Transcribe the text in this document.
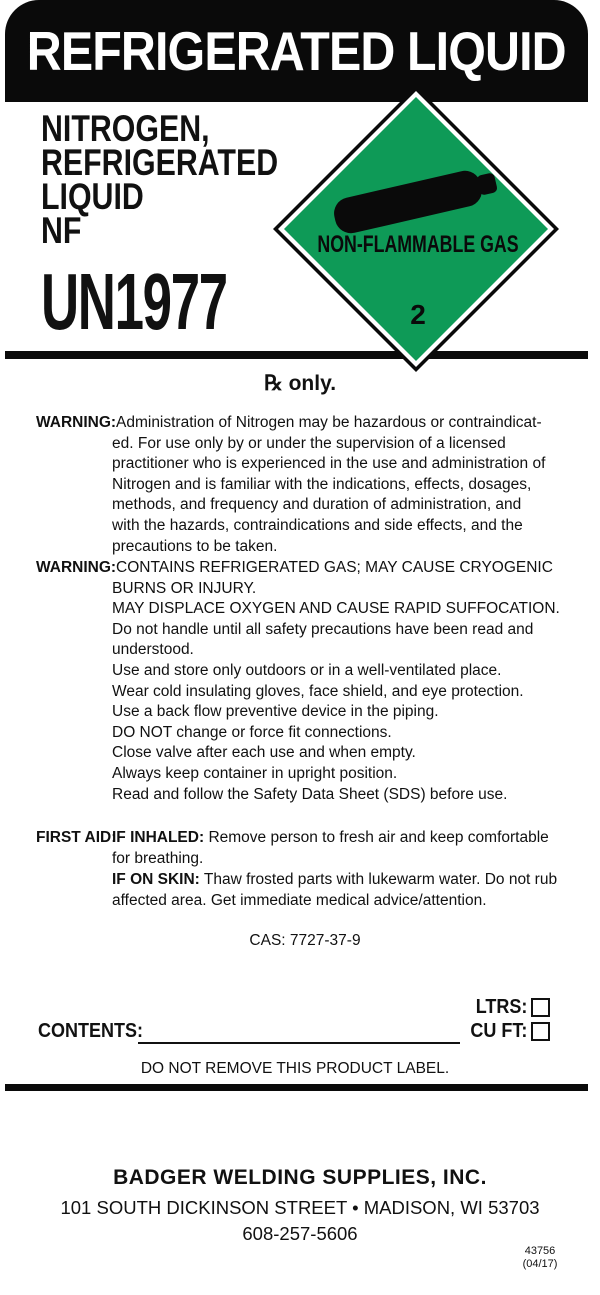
REFRIGERATED LIQUID
NITROGEN,
REFRIGERATED
LIQUID
NF
UN1977
NON-FLAMMABLE GAS
2
℞ only.
WARNING: Administration of Nitrogen may be hazardous or contraindicat-
ed. For use only by or under the supervision of a licensed
practitioner who is experienced in the use and administration of
Nitrogen and is familiar with the indications, effects, dosages,
methods, and frequency and duration of administration, and
with the hazards, contraindications and side effects, and the
precautions to be taken.
WARNING: CONTAINS REFRIGERATED GAS; MAY CAUSE CRYOGENIC
BURNS OR INJURY.
MAY DISPLACE OXYGEN AND CAUSE RAPID SUFFOCATION.
Do not handle until all safety precautions have been read and
understood.
Use and store only outdoors or in a well-ventilated place.
Wear cold insulating gloves, face shield, and eye protection.
Use a back flow preventive device in the piping.
DO NOT change or force fit connections.
Close valve after each use and when empty.
Always keep container in upright position.
Read and follow the Safety Data Sheet (SDS) before use.
FIRST AID:
IF INHALED: Remove person to fresh air and keep comfortable
for breathing.
IF ON SKIN: Thaw frosted parts with lukewarm water. Do not rub
affected area. Get immediate medical advice/attention.
CAS: 7727-37-9
CONTENTS:
LTRS:
CU FT:
DO NOT REMOVE THIS PRODUCT LABEL.
BADGER WELDING SUPPLIES, INC.
101 SOUTH DICKINSON STREET • MADISON, WI 53703
608-257-5606
43756
(04/17)
